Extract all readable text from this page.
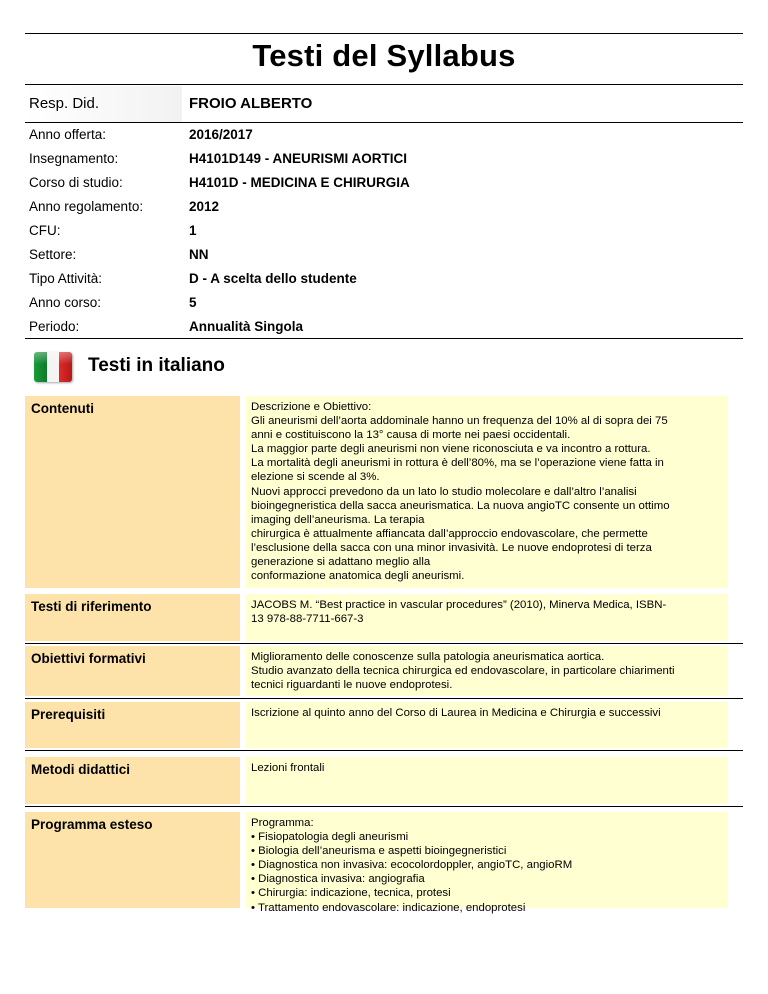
Testi del Syllabus
Resp. Did.	FROIO ALBERTO
Anno offerta:	2016/2017
Insegnamento:	H4101D149 - ANEURISMI AORTICI
Corso di studio:	H4101D - MEDICINA E CHIRURGIA
Anno regolamento:	2012
CFU:	1
Settore:	NN
Tipo Attività:	D - A scelta dello studente
Anno corso:	5
Periodo:	Annualità Singola
Testi in italiano
Contenuti	Descrizione e Obiettivo:
Gli aneurismi dell’aorta addominale hanno un frequenza del 10% al di sopra dei 75
anni e costituiscono la 13° causa di morte nei paesi occidentali.
La maggior parte degli aneurismi non viene riconosciuta e va incontro a rottura.
La mortalità degli aneurismi in rottura è dell’80%, ma se l’operazione viene fatta in
elezione si scende al 3%.
Nuovi approcci prevedono da un lato lo studio molecolare e dall’altro l’analisi
bioingegneristica della sacca aneurismatica. La nuova angioTC consente un ottimo
imaging dell’aneurisma. La terapia
chirurgica è attualmente affiancata dall’approccio endovascolare, che permette
l’esclusione della sacca con una minor invasività. Le nuove endoprotesi di terza
generazione si adattano meglio alla
conformazione anatomica degli aneurismi.
Testi di riferimento	JACOBS M. “Best practice in vascular procedures” (2010), Minerva Medica, ISBN-
13 978-88-7711-667-3
Obiettivi formativi	Miglioramento delle conoscenze sulla patologia aneurismatica aortica.
Studio avanzato della tecnica chirurgica ed endovascolare, in particolare chiarimenti
tecnici riguardanti le nuove endoprotesi.
Prerequisiti	Iscrizione al quinto anno del Corso di Laurea in Medicina e Chirurgia e successivi
Metodi didattici	Lezioni frontali
Programma esteso	Programma:
• Fisiopatologia degli aneurismi
• Biologia dell’aneurisma e aspetti bioingegneristici
• Diagnostica non invasiva: ecocolordoppler, angioTC, angioRM
• Diagnostica invasiva: angiografia
• Chirurgia: indicazione, tecnica, protesi
• Trattamento endovascolare: indicazione, endoprotesi
